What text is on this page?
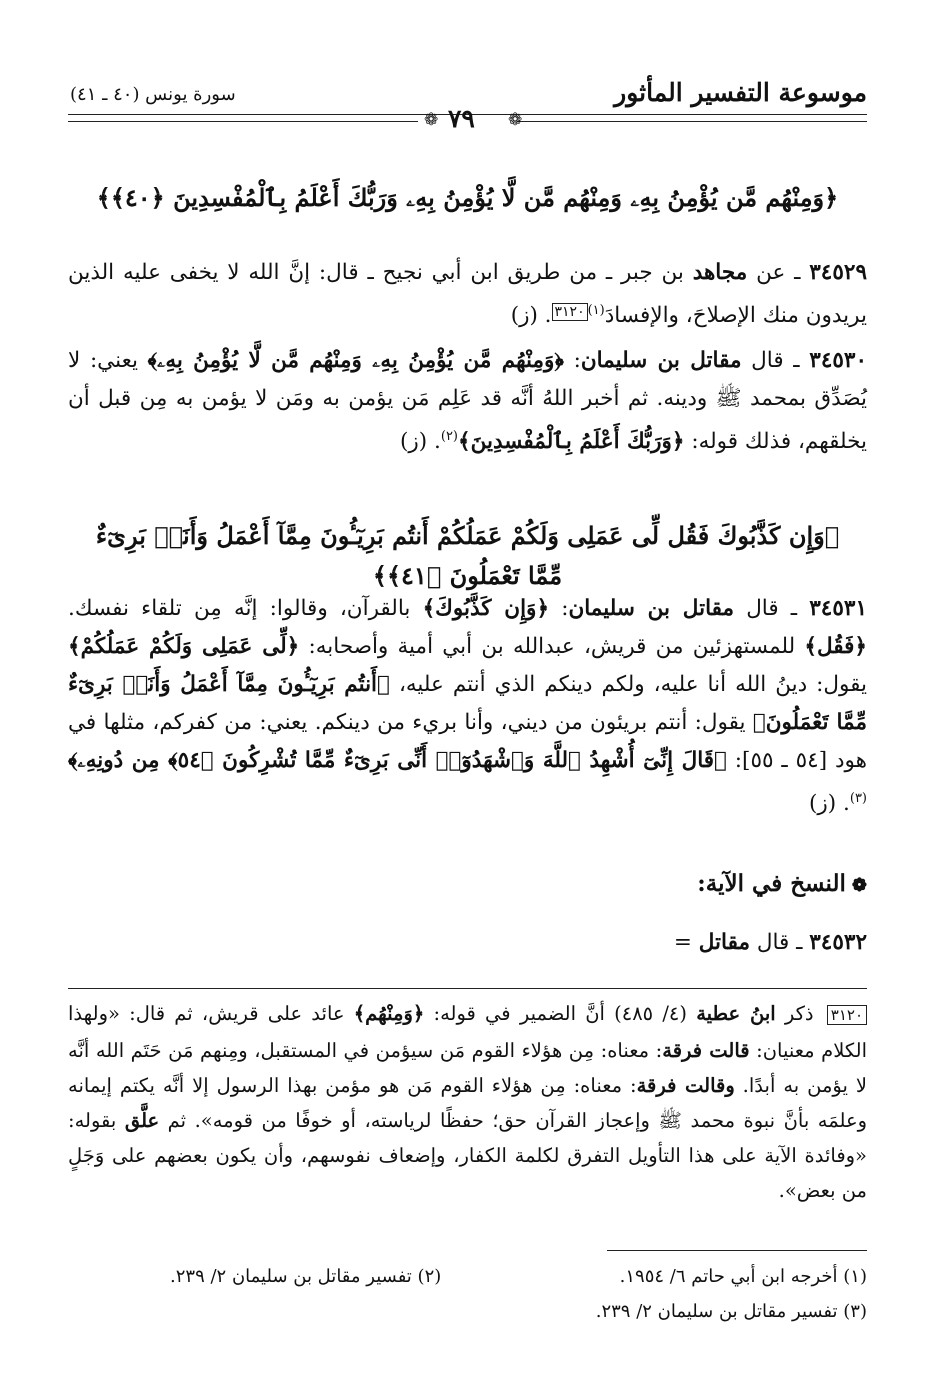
موسوعة التفسير المأثور
سورة يونس (٤٠ ـ ٤١)
❁ ٧٩ ❁
﴿وَمِنْهُم مَّن يُؤْمِنُ بِهِۦ وَمِنْهُم مَّن لَّا يُؤْمِنُ بِهِۦ وَرَبُّكَ أَعْلَمُ بِٱلْمُفْسِدِينَ ﴿٤٠﴾﴾
٣٤٥٢٩ ـ عن مجاهد بن جبر ـ من طريق ابن أبي نجيح ـ قال: إنَّ الله لا يخفى عليه الذين يريدون منك الإصلاحَ، والإفسادَ$^{(١)٣١٢٠}$. (ز)
٣٤٥٣٠ ـ قال مقاتل بن سليمان: ﴿وَمِنْهُم مَّن يُؤْمِنُ بِهِۦ وَمِنْهُم مَّن لَّا يُؤْمِنُ بِهِۦ﴾ يعني: لا يُصَدِّق بمحمد ﷺ ودينه. ثم أخبر اللهُ أنَّه قد عَلِم مَن يؤمن به ومَن لا يؤمن به مِن قبل أن يخلقهم، فذلك قوله: ﴿وَرَبُّكَ أَعْلَمُ بِٱلْمُفْسِدِينَ﴾$^{(٢)}$. (ز)
﴿وَإِن كَذَّبُوكَ فَقُل لِّى عَمَلِى وَلَكُمْ عَمَلُكُمْ أَنتُم بَرِيٓـُٔونَ مِمَّآ أَعْمَلُ وَأَنَا۠ بَرِىٓءٌ مِّمَّا تَعْمَلُونَ ﴿٤١﴾﴾
٣٤٥٣١ ـ قال مقاتل بن سليمان: ﴿وَإِن كَذَّبُوكَ﴾ بالقرآن، وقالوا: إنَّه مِن تلقاء نفسك. ﴿فَقُل﴾ للمستهزئين من قريش، عبدالله بن أبي أمية وأصحابه: ﴿لِّى عَمَلِى وَلَكُمْ عَمَلُكُمْ﴾ يقول: دينُ الله أنا عليه، ولكم دينكم الذي أنتم عليه، ﴿أَنتُم بَرِيٓـُٔونَ مِمَّآ أَعْمَلُ وَأَنَا۠ بَرِىٓءٌ مِّمَّا تَعْمَلُونَ﴾ يقول: أنتم بريئون من ديني، وأنا بريء من دينكم. يعني: من كفركم، مثلها في هود [٥٤ ـ ٥٥]: ﴿قَالَ إِنِّىٓ أُشْهِدُ ٱللَّهَ وَٱشْهَدُوٓا۟ أَنِّى بَرِىٓءٌ مِّمَّا تُشْرِكُونَ ﴿٥٤﴾ مِن دُونِهِۦ﴾$^{(٣)}$. (ز)
❁النسخ في الآية:
٣٤٥٣٢ ـ قال مقاتل =
٣١٢٠ ذكر ابنُ عطية (٤/ ٤٨٥) أنَّ الضمير في قوله: ﴿وَمِنْهُم﴾ عائد على قريش، ثم قال: «ولهذا الكلام معنيان: قالت فرقة: معناه: مِن هؤلاء القوم مَن سيؤمن في المستقبل، ومِنهم مَن حَتَم الله أنَّه لا يؤمن به أبدًا. وقالت فرقة: معناه: مِن هؤلاء القوم مَن هو مؤمن بهذا الرسول إلا أنَّه يكتم إيمانه وعلمَه بأنَّ نبوة محمد ﷺ وإعجاز القرآن حق؛ حفظًا لرياسته، أو خوفًا من قومه». ثم علَّق بقوله: «وفائدة الآية على هذا التأويل التفرق لكلمة الكفار، وإضعاف نفوسهم، وأن يكون بعضهم على وَجَلٍ من بعض».
(١) أخرجه ابن أبي حاتم ٦/ ١٩٥٤.
(٢) تفسير مقاتل بن سليمان ٢/ ٢٣٩.
(٣) تفسير مقاتل بن سليمان ٢/ ٢٣٩.
